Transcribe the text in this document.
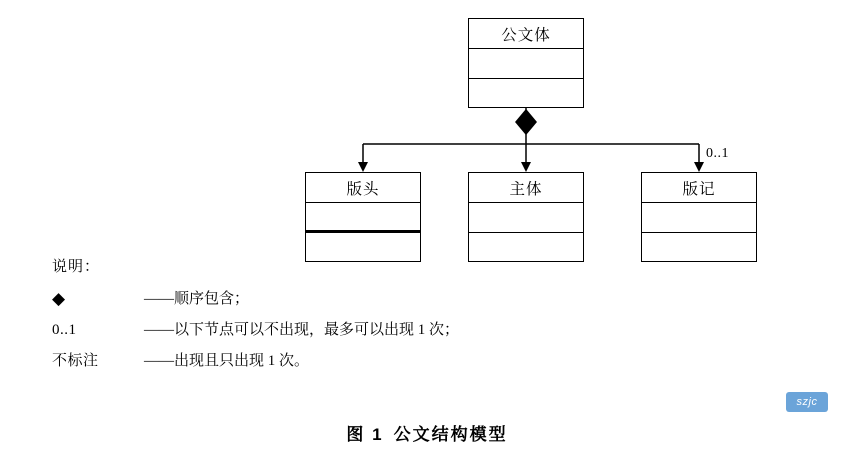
公文体
版头	主体	版记
0..1
说明：
◆	——顺序包含；
0..1	——以下节点可以不出现，最多可以出现 1 次；
不标注	——出现且只出现 1 次。
图 1 公文结构模型
szjc
